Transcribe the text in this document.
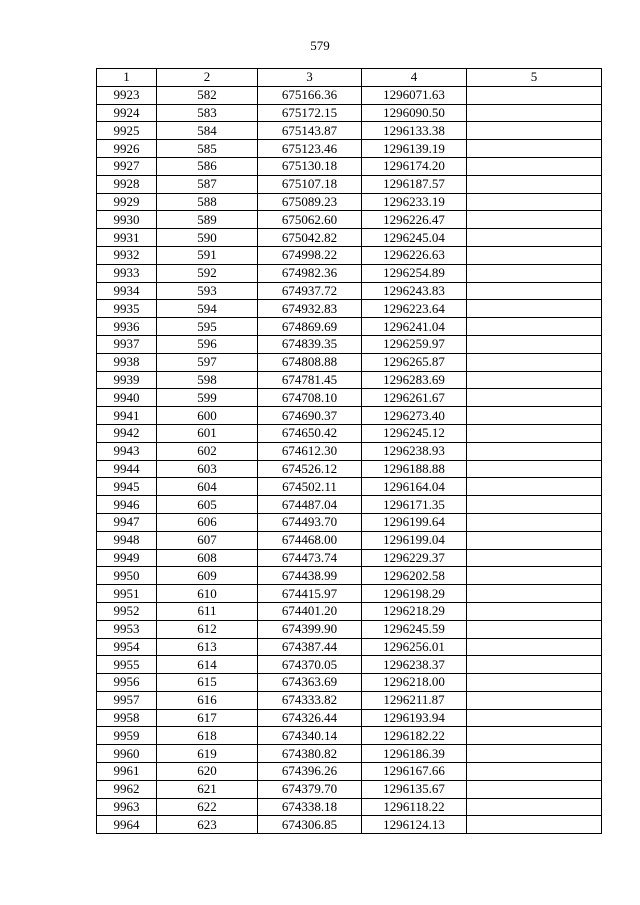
579
1	2	3	4	5
9923	582	675166.36	1296071.63	
9924	583	675172.15	1296090.50	
9925	584	675143.87	1296133.38	
9926	585	675123.46	1296139.19	
9927	586	675130.18	1296174.20	
9928	587	675107.18	1296187.57	
9929	588	675089.23	1296233.19	
9930	589	675062.60	1296226.47	
9931	590	675042.82	1296245.04	
9932	591	674998.22	1296226.63	
9933	592	674982.36	1296254.89	
9934	593	674937.72	1296243.83	
9935	594	674932.83	1296223.64	
9936	595	674869.69	1296241.04	
9937	596	674839.35	1296259.97	
9938	597	674808.88	1296265.87	
9939	598	674781.45	1296283.69	
9940	599	674708.10	1296261.67	
9941	600	674690.37	1296273.40	
9942	601	674650.42	1296245.12	
9943	602	674612.30	1296238.93	
9944	603	674526.12	1296188.88	
9945	604	674502.11	1296164.04	
9946	605	674487.04	1296171.35	
9947	606	674493.70	1296199.64	
9948	607	674468.00	1296199.04	
9949	608	674473.74	1296229.37	
9950	609	674438.99	1296202.58	
9951	610	674415.97	1296198.29	
9952	611	674401.20	1296218.29	
9953	612	674399.90	1296245.59	
9954	613	674387.44	1296256.01	
9955	614	674370.05	1296238.37	
9956	615	674363.69	1296218.00	
9957	616	674333.82	1296211.87	
9958	617	674326.44	1296193.94	
9959	618	674340.14	1296182.22	
9960	619	674380.82	1296186.39	
9961	620	674396.26	1296167.66	
9962	621	674379.70	1296135.67	
9963	622	674338.18	1296118.22	
9964	623	674306.85	1296124.13	
